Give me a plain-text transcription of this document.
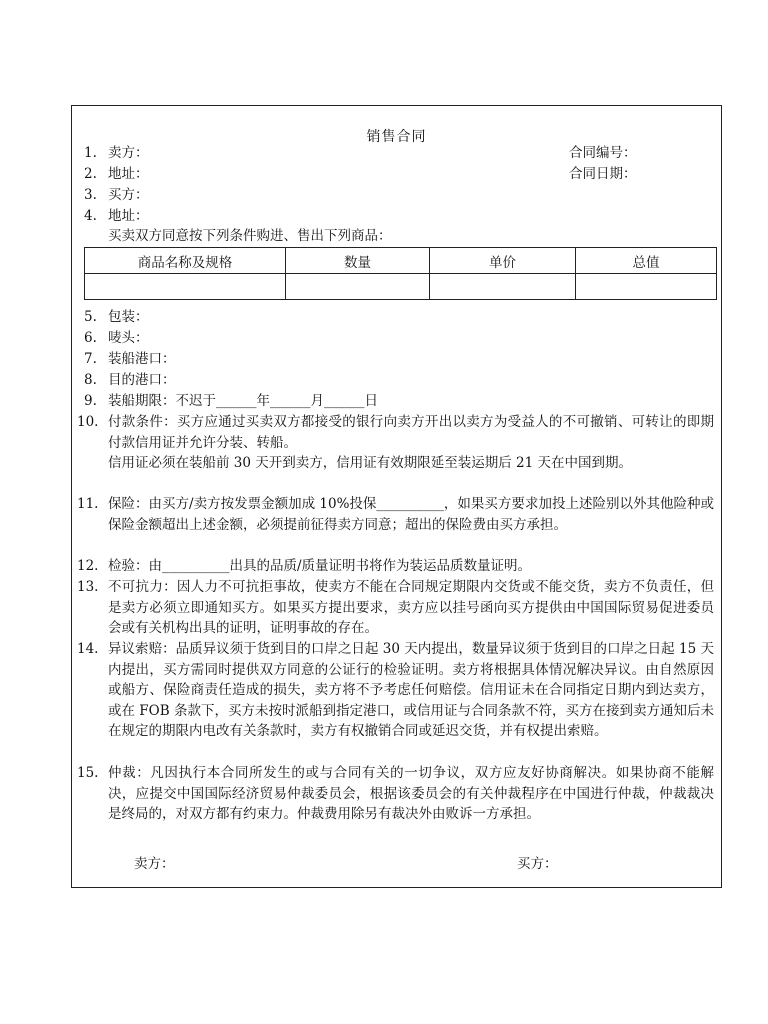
销售合同
1. 卖方：	合同编号：
2. 地址：	合同日期：
3. 买方：
4. 地址：
买卖双方同意按下列条件购进、售出下列商品：
商品名称及规格	数量	单价	总值

5. 包装：
6. 唛头：
7. 装船港口：
8. 目的港口：
9. 装船期限：不迟于______年______月______日
10. 付款条件：买方应通过买卖双方都接受的银行向卖方开出以卖方为受益人的不可撤销、可转让的即期付款信用证并允许分装、转船。
信用证必须在装船前 30 天开到卖方，信用证有效期限延至装运期后 21 天在中国到期。
11. 保险：由买方/卖方按发票金额加成 10%投保__________，如果买方要求加投上述险别以外其他险种或保险金额超出上述金额，必须提前征得卖方同意；超出的保险费由买方承担。
12. 检验：由__________出具的品质/质量证明书将作为装运品质数量证明。
13. 不可抗力：因人力不可抗拒事故，使卖方不能在合同规定期限内交货或不能交货，卖方不负责任，但是卖方必须立即通知买方。如果买方提出要求，卖方应以挂号函向买方提供由中国国际贸易促进委员会或有关机构出具的证明，证明事故的存在。
14. 异议索赔：品质异议须于货到目的口岸之日起 30 天内提出，数量异议须于货到目的口岸之日起 15 天内提出，买方需同时提供双方同意的公证行的检验证明。卖方将根据具体情况解决异议。由自然原因或船方、保险商责任造成的损失，卖方将不予考虑任何赔偿。信用证未在合同指定日期内到达卖方，或在 FOB 条款下，买方未按时派船到指定港口，或信用证与合同条款不符，买方在接到卖方通知后未在规定的期限内电改有关条款时，卖方有权撤销合同或延迟交货，并有权提出索赔。
15. 仲裁：凡因执行本合同所发生的或与合同有关的一切争议，双方应友好协商解决。如果协商不能解决，应提交中国国际经济贸易仲裁委员会，根据该委员会的有关仲裁程序在中国进行仲裁，仲裁裁决是终局的，对双方都有约束力。仲裁费用除另有裁决外由败诉一方承担。
卖方：	买方：
